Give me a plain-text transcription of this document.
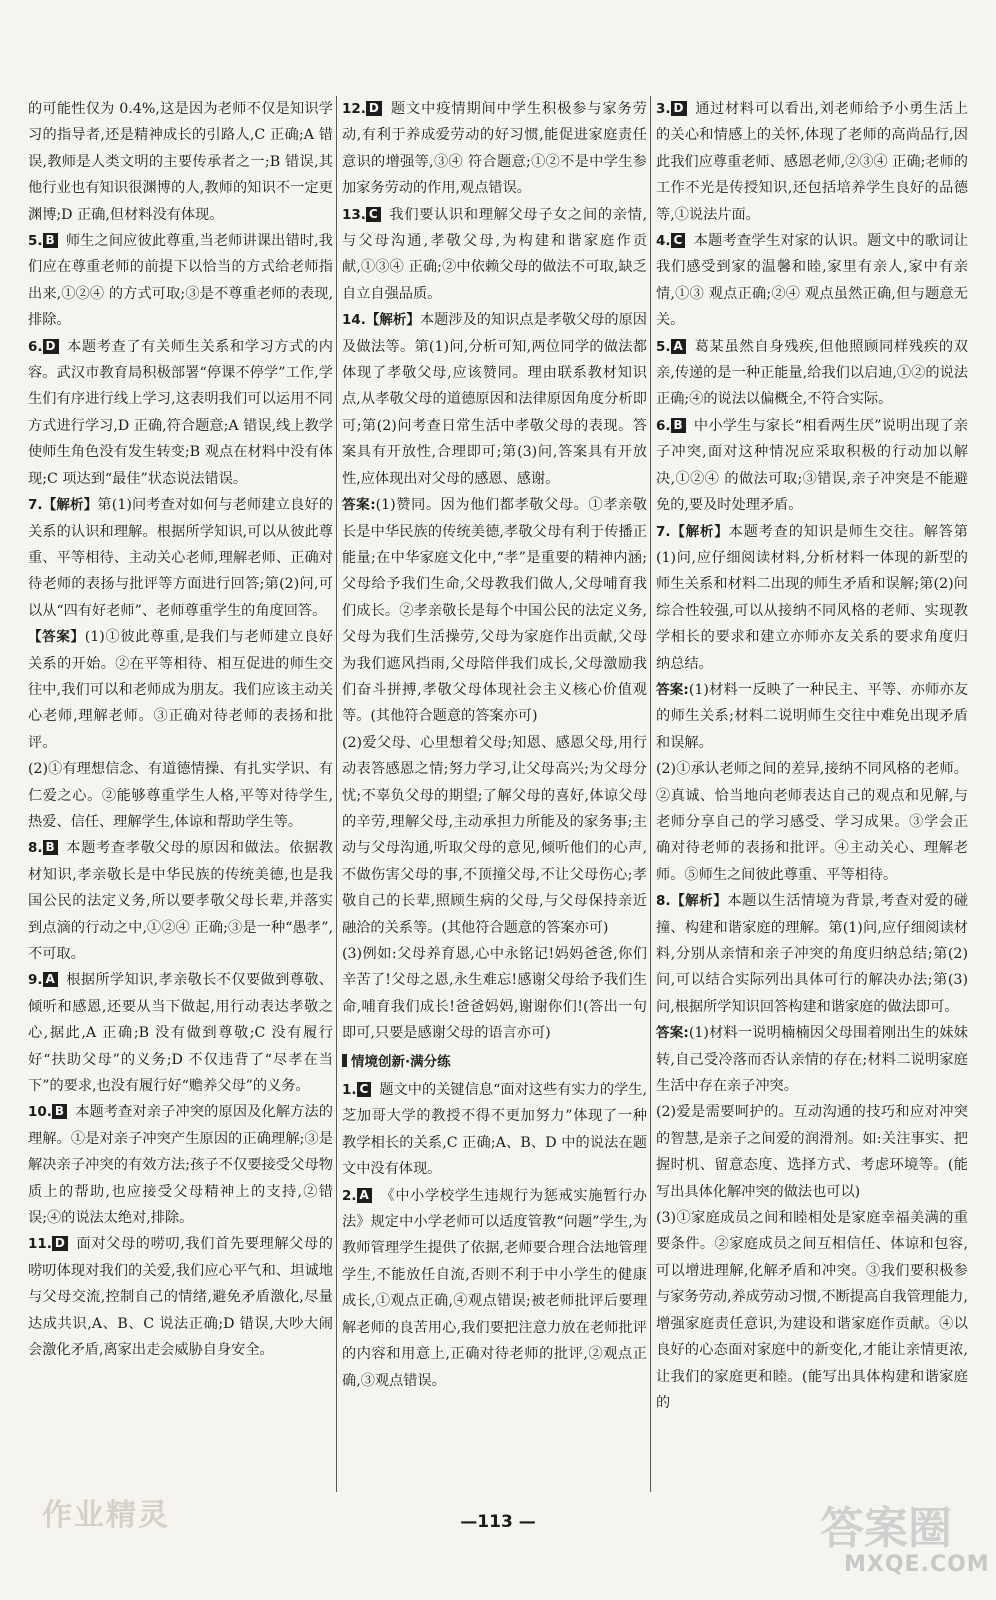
的可能性仅为 0.4%,这是因为老师不仅是知识学习的指导者,还是精神成长的引路人,C 正确;A 错误,教师是人类文明的主要传承者之一;B 错误,其他行业也有知识很渊博的人,教师的知识不一定更渊博;D 正确,但材料没有体现。

5. B 师生之间应彼此尊重,当老师讲课出错时,我们应在尊重老师的前提下以恰当的方式给老师指出来,①②④ 的方式可取;③是不尊重老师的表现,排除。

6. D 本题考查了有关师生关系和学习方式的内容。武汉市教育局积极部署“停课不停学”工作,学生们有序进行线上学习,这表明我们可以运用不同方式进行学习,D 正确,符合题意;A 错误,线上教学使师生角色没有发生转变;B 观点在材料中没有体现;C 项达到“最佳”状态说法错误。

7.【解析】第(1)问考查对如何与老师建立良好的关系的认识和理解。根据所学知识,可以从彼此尊重、平等相待、主动关心老师,理解老师、正确对待老师的表扬与批评等方面进行回答;第(2)问,可以从“四有好老师”、老师尊重学生的角度回答。

【答案】(1)①彼此尊重,是我们与老师建立良好关系的开始。②在平等相待、相互促进的师生交往中,我们可以和老师成为朋友。我们应该主动关心老师,理解老师。③正确对待老师的表扬和批评。

(2)①有理想信念、有道德情操、有扎实学识、有仁爱之心。②能够尊重学生人格,平等对待学生,热爱、信任、理解学生,体谅和帮助学生等。

8. B 本题考查孝敬父母的原因和做法。依据教材知识,孝亲敬长是中华民族的传统美德,也是我国公民的法定义务,所以要孝敬父母长辈,并落实到点滴的行动之中,①②④ 正确;③是一种“愚孝”,不可取。

9. A 根据所学知识,孝亲敬长不仅要做到尊敬、倾听和感恩,还要从当下做起,用行动表达孝敬之心,据此,A 正确;B 没有做到尊敬;C 没有履行好“扶助父母”的义务;D 不仅违背了“尽孝在当下”的要求,也没有履行好“赡养父母”的义务。

10. B 本题考查对亲子冲突的原因及化解方法的理解。①是对亲子冲突产生原因的正确理解;③是解决亲子冲突的有效方法;孩子不仅要接受父母物质上的帮助,也应接受父母精神上的支持,②错误;④的说法太绝对,排除。

11. D 面对父母的唠叨,我们首先要理解父母的唠叨体现对我们的关爱,我们应心平气和、坦诚地与父母交流,控制自己的情绪,避免矛盾激化,尽量达成共识,A、B、C 说法正确;D 错误,大吵大闹会激化矛盾,离家出走会威胁自身安全。

12. D 题文中疫情期间中学生积极参与家务劳动,有利于养成爱劳动的好习惯,能促进家庭责任意识的增强等,③④ 符合题意;①②不是中学生参加家务劳动的作用,观点错误。

13. C 我们要认识和理解父母子女之间的亲情,与父母沟通,孝敬父母,为构建和谐家庭作贡献,①③④ 正确;②中依赖父母的做法不可取,缺乏自立自强品质。

14.【解析】本题涉及的知识点是孝敬父母的原因及做法等。第(1)问,分析可知,两位同学的做法都体现了孝敬父母,应该赞同。理由联系教材知识点,从孝敬父母的道德原因和法律原因角度分析即可;第(2)问考查日常生活中孝敬父母的表现。答案具有开放性,合理即可;第(3)问,答案具有开放性,应体现出对父母的感恩、感谢。

答案:(1)赞同。因为他们都孝敬父母。①孝亲敬长是中华民族的传统美德,孝敬父母有利于传播正能量;在中华家庭文化中,“孝”是重要的精神内涵;父母给予我们生命,父母教我们做人,父母哺育我们成长。②孝亲敬长是每个中国公民的法定义务,父母为我们生活操劳,父母为家庭作出贡献,父母为我们遮风挡雨,父母陪伴我们成长,父母激励我们奋斗拼搏,孝敬父母体现社会主义核心价值观等。(其他符合题意的答案亦可)

(2)爱父母、心里想着父母;知恩、感恩父母,用行动表答感恩之情;努力学习,让父母高兴;为父母分忧;不辜负父母的期望;了解父母的喜好,体谅父母的辛劳,理解父母,主动承担力所能及的家务事;主动与父母沟通,听取父母的意见,倾听他们的心声,不做伤害父母的事,不顶撞父母,不让父母伤心;孝敬自己的长辈,照顾生病的父母,与父母保持亲近融洽的关系等。(其他符合题意的答案亦可)

(3)例如:父母养育恩,心中永铭记!妈妈爸爸,你们辛苦了!父母之恩,永生难忘!感谢父母给予我们生命,哺育我们成长!爸爸妈妈,谢谢你们!(答出一句即可,只要是感谢父母的语言亦可)

情境创新·满分练

1. C 题文中的关键信息“面对这些有实力的学生,芝加哥大学的教授不得不更加努力”体现了一种教学相长的关系,C 正确;A、B、D 中的说法在题文中没有体现。

2. A 《中小学校学生违规行为惩戒实施暂行办法》规定中小学老师可以适度管教“问题”学生,为教师管理学生提供了依据,老师要合理合法地管理学生,不能放任自流,否则不利于中小学生的健康成长,①观点正确,④观点错误;被老师批评后要理解老师的良苦用心,我们要把注意力放在老师批评的内容和用意上,正确对待老师的批评,②观点正确,③观点错误。

3. D 通过材料可以看出,刘老师给予小勇生活上的关心和情感上的关怀,体现了老师的高尚品行,因此我们应尊重老师、感恩老师,②③④ 正确;老师的工作不光是传授知识,还包括培养学生良好的品德等,①说法片面。

4. C 本题考查学生对家的认识。题文中的歌词让我们感受到家的温馨和睦,家里有亲人,家中有亲情,①③ 观点正确;②④ 观点虽然正确,但与题意无关。

5. A 葛某虽然自身残疾,但他照顾同样残疾的双亲,传递的是一种正能量,给我们以启迪,①②的说法正确;④的说法以偏概全,不符合实际。

6. B 中小学生与家长“相看两生厌”说明出现了亲子冲突,面对这种情况应采取积极的行动加以解决,①②④ 的做法可取;③错误,亲子冲突是不能避免的,要及时处理矛盾。

7.【解析】本题考查的知识是师生交往。解答第(1)问,应仔细阅读材料,分析材料一体现的新型的师生关系和材料二出现的师生矛盾和误解;第(2)问综合性较强,可以从接纳不同风格的老师、实现教学相长的要求和建立亦师亦友关系的要求角度归纳总结。

答案:(1)材料一反映了一种民主、平等、亦师亦友的师生关系;材料二说明师生交往中难免出现矛盾和误解。

(2)①承认老师之间的差异,接纳不同风格的老师。②真诚、恰当地向老师表达自己的观点和见解,与老师分享自己的学习感受、学习成果。③学会正确对待老师的表扬和批评。④主动关心、理解老师。⑤师生之间彼此尊重、平等相待。

8.【解析】本题以生活情境为背景,考查对爱的碰撞、构建和谐家庭的理解。第(1)问,应仔细阅读材料,分别从亲情和亲子冲突的角度归纳总结;第(2)问,可以结合实际列出具体可行的解决办法;第(3)问,根据所学知识回答构建和谐家庭的做法即可。

答案:(1)材料一说明楠楠因父母围着刚出生的妹妹转,自己受冷落而否认亲情的存在;材料二说明家庭生活中存在亲子冲突。

(2)爱是需要呵护的。互动沟通的技巧和应对冲突的智慧,是亲子之间爱的润滑剂。如:关注事实、把握时机、留意态度、选择方式、考虑环境等。(能写出具体化解冲突的做法也可以)

(3)①家庭成员之间和睦相处是家庭幸福美满的重要条件。②家庭成员之间互相信任、体谅和包容,可以增进理解,化解矛盾和冲突。③我们要积极参与家务劳动,养成劳动习惯,不断提高自我管理能力,增强家庭责任意识,为建设和谐家庭作贡献。④以良好的心态面对家庭中的新变化,才能让亲情更浓,让我们的家庭更和睦。(能写出具体构建和谐家庭的

—113 —
作业精灵	答案圈
MXQE.COM
